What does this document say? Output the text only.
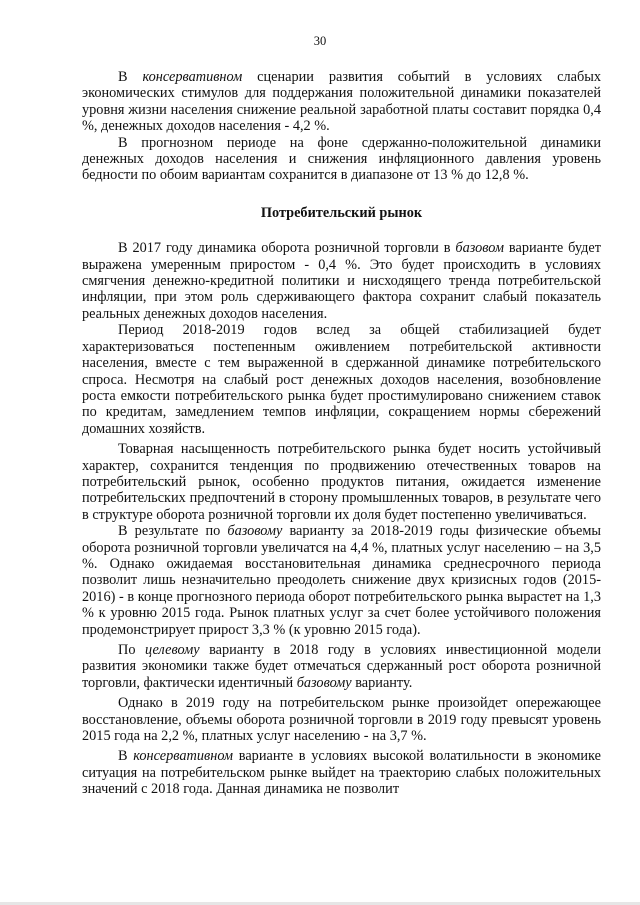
30

В консервативном сценарии развития событий в условиях слабых экономических стимулов для поддержания положительной динамики показателей уровня жизни населения снижение реальной заработной платы составит порядка 0,4 %, денежных доходов населения - 4,2 %.

В прогнозном периоде на фоне сдержанно-положительной динамики денежных доходов населения и снижения инфляционного давления уровень бедности по обоим вариантам сохранится в диапазоне от 13 % до 12,8 %.

Потребительский рынок

В 2017 году динамика оборота розничной торговли в базовом варианте будет выражена умеренным приростом - 0,4 %. Это будет происходить в условиях смягчения денежно-кредитной политики и нисходящего тренда потребительской инфляции, при этом роль сдерживающего фактора сохранит слабый показатель реальных денежных доходов населения.

Период 2018-2019 годов вслед за общей стабилизацией будет характеризоваться постепенным оживлением потребительской активности населения, вместе с тем выраженной в сдержанной динамике потребительского спроса. Несмотря на слабый рост денежных доходов населения, возобновление роста емкости потребительского рынка будет простимулировано снижением ставок по кредитам, замедлением темпов инфляции, сокращением нормы сбережений домашних хозяйств.

Товарная насыщенность потребительского рынка будет носить устойчивый характер, сохранится тенденция по продвижению отечественных товаров на потребительский рынок, особенно продуктов питания, ожидается изменение потребительских предпочтений в сторону промышленных товаров, в результате чего в структуре оборота розничной торговли их доля будет постепенно увеличиваться.

В результате по базовому варианту за 2018-2019 годы физические объемы оборота розничной торговли увеличатся на 4,4 %, платных услуг населению – на 3,5 %. Однако ожидаемая восстановительная динамика среднесрочного периода позволит лишь незначительно преодолеть снижение двух кризисных годов (2015-2016) - в конце прогнозного периода оборот потребительского рынка вырастет на 1,3 % к уровню 2015 года. Рынок платных услуг за счет более устойчивого положения продемонстрирует прирост 3,3 % (к уровню 2015 года).

По целевому варианту в 2018 году в условиях инвестиционной модели развития экономики также будет отмечаться сдержанный рост оборота розничной торговли, фактически идентичный базовому варианту.

Однако в 2019 году на потребительском рынке произойдет опережающее восстановление, объемы оборота розничной торговли в 2019 году превысят уровень 2015 года на 2,2 %, платных услуг населению - на 3,7 %.

В консервативном варианте в условиях высокой волатильности в экономике ситуация на потребительском рынке выйдет на траекторию слабых положительных значений с 2018 года. Данная динамика не позволит
